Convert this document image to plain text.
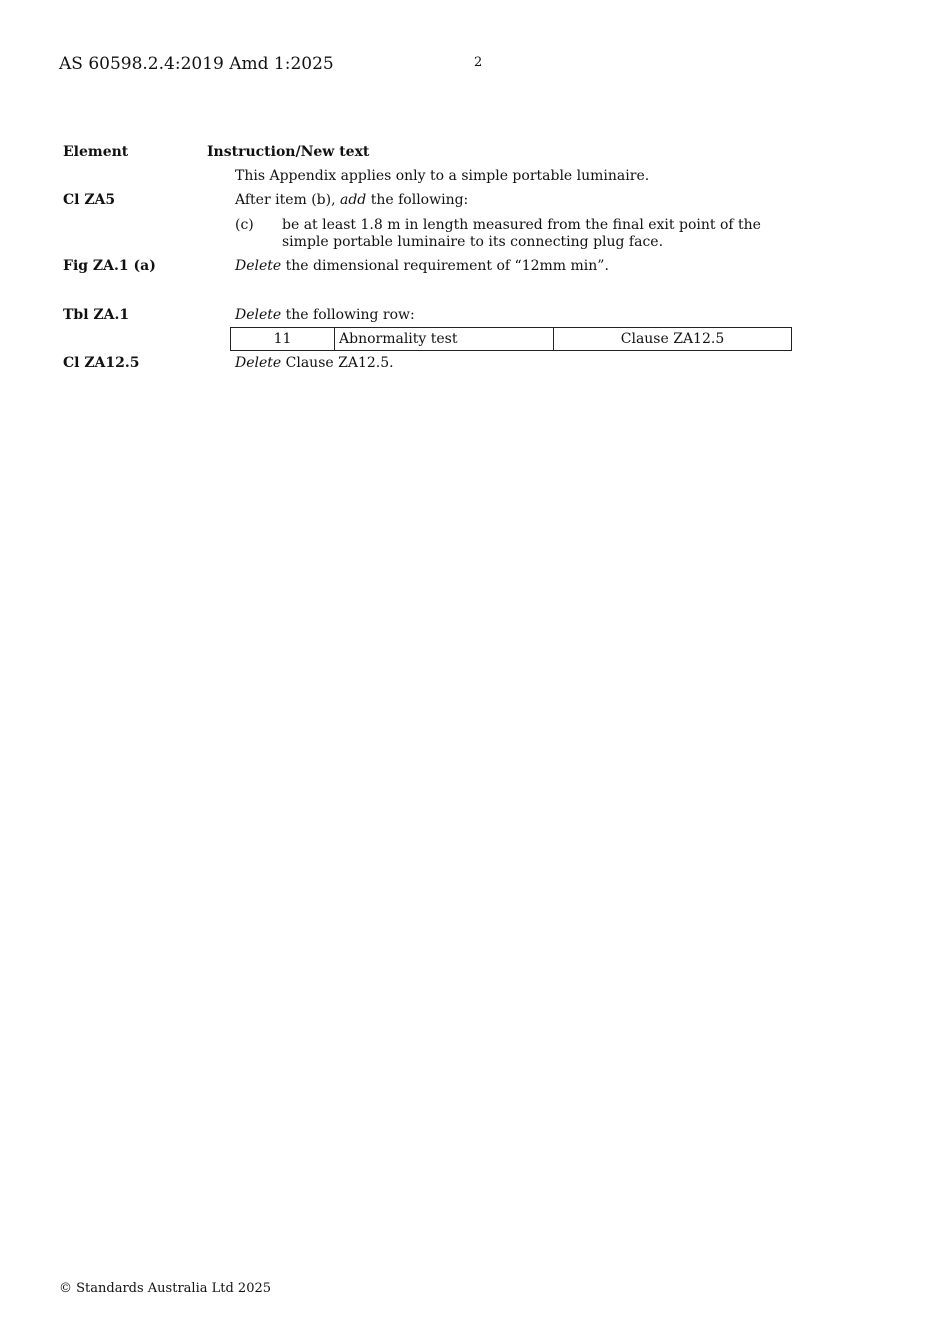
AS 60598.2.4:2019 Amd 1:2025	2
Element	Instruction/New text
This Appendix applies only to a simple portable luminaire.
Cl ZA5	After item (b), add the following:
(c) be at least 1.8 m in length measured from the final exit point of the
simple portable luminaire to its connecting plug face.
Fig ZA.1 (a)	Delete the dimensional requirement of “12mm min”.
Tbl ZA.1	Delete the following row:
11	Abnormality test	Clause ZA12.5
Cl ZA12.5	Delete Clause ZA12.5.
© Standards Australia Ltd 2025
